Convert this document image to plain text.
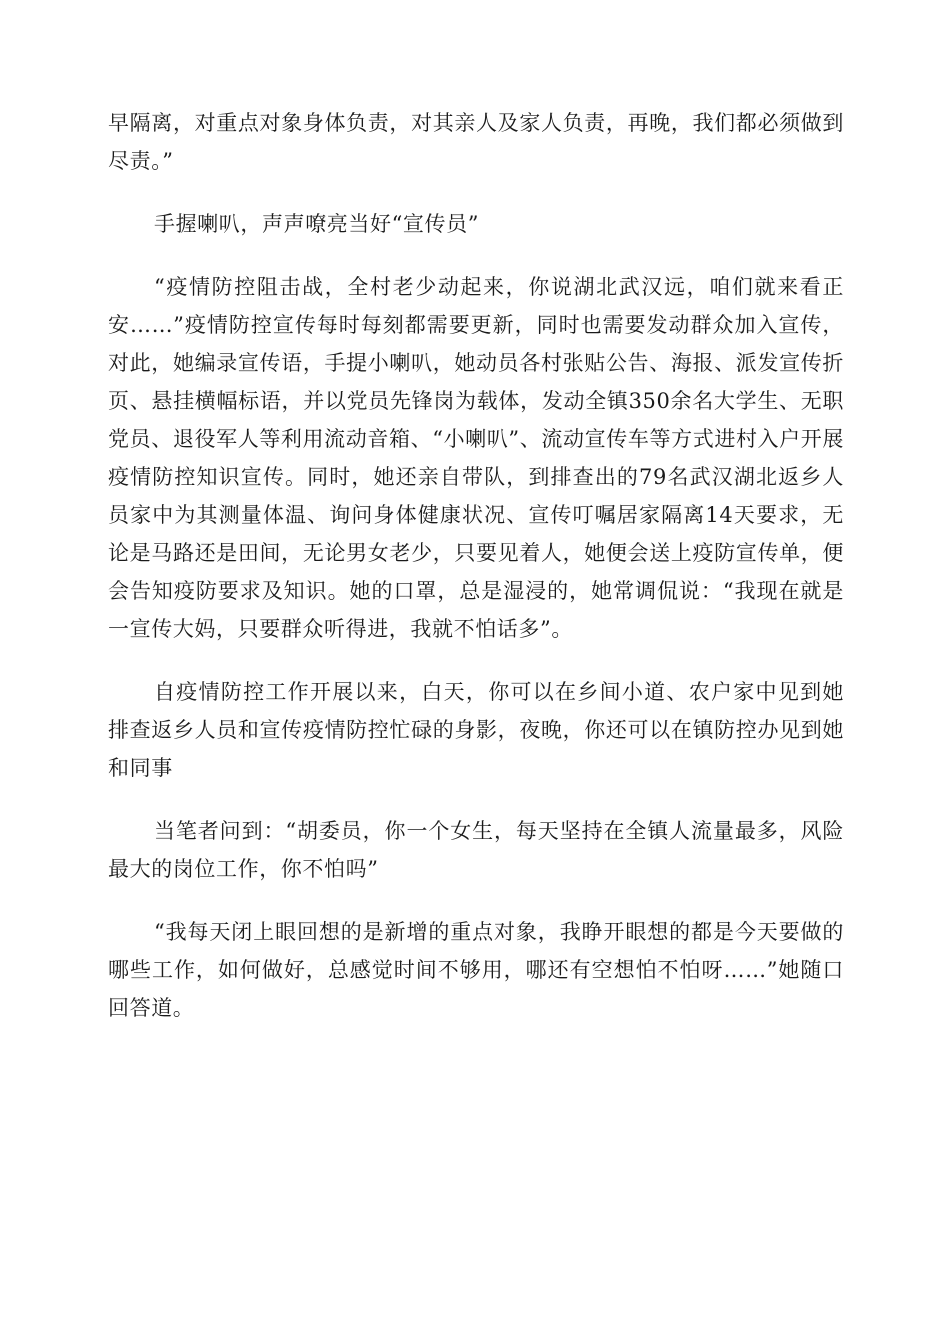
早隔离，对重点对象身体负责，对其亲人及家人负责，再晚，我们都必须做到尽责。”

手握喇叭，声声嘹亮当好“宣传员”

“疫情防控阻击战，全村老少动起来，你说湖北武汉远，咱们就来看正安……”疫情防控宣传每时每刻都需要更新，同时也需要发动群众加入宣传，对此，她编录宣传语，手提小喇叭，她动员各村张贴公告、海报、派发宣传折页、悬挂横幅标语，并以党员先锋岗为载体，发动全镇350余名大学生、无职党员、退役军人等利用流动音箱、“小喇叭”、流动宣传车等方式进村入户开展疫情防控知识宣传。同时，她还亲自带队，到排查出的79名武汉湖北返乡人员家中为其测量体温、询问身体健康状况、宣传叮嘱居家隔离14天要求，无论是马路还是田间，无论男女老少，只要见着人，她便会送上疫防宣传单，便会告知疫防要求及知识。她的口罩，总是湿浸的，她常调侃说：“我现在就是一宣传大妈，只要群众听得进，我就不怕话多”。

自疫情防控工作开展以来，白天，你可以在乡间小道、农户家中见到她排查返乡人员和宣传疫情防控忙碌的身影，夜晚，你还可以在镇防控办见到她和同事

当笔者问到：“胡委员，你一个女生，每天坚持在全镇人流量最多，风险最大的岗位工作，你不怕吗”

“我每天闭上眼回想的是新增的重点对象，我睁开眼想的都是今天要做的哪些工作，如何做好，总感觉时间不够用，哪还有空想怕不怕呀……”她随口回答道。
